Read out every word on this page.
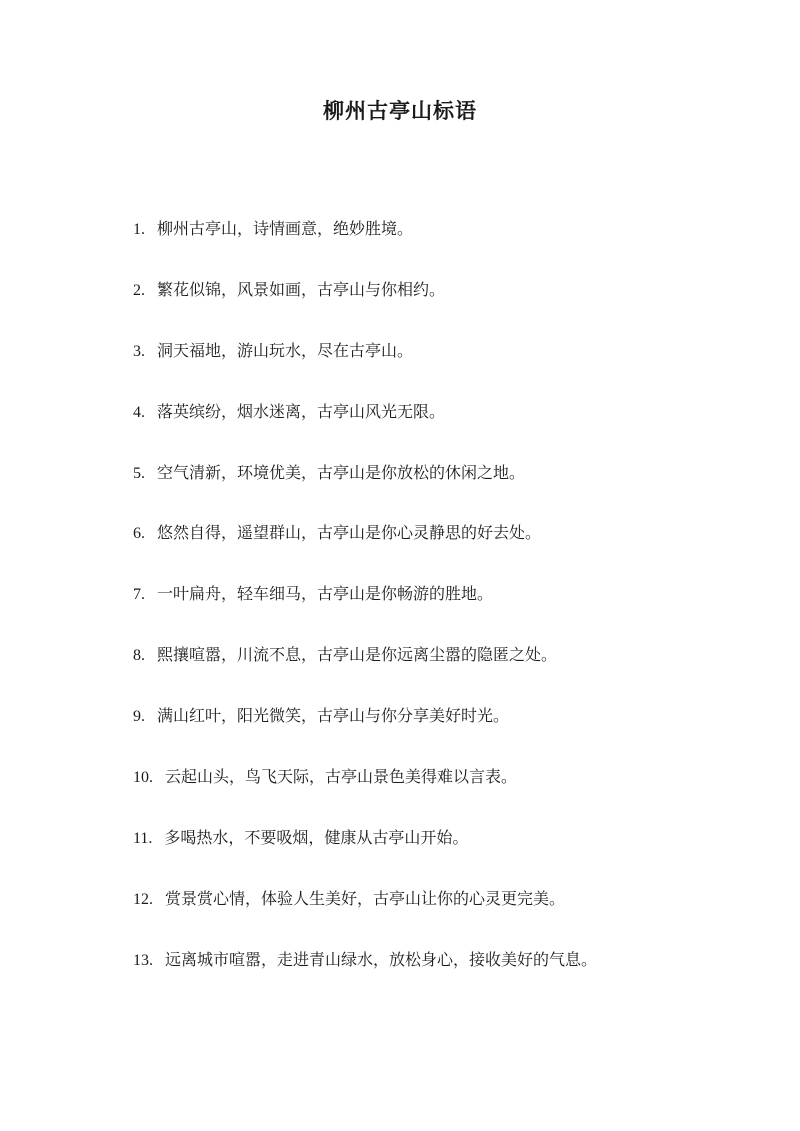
柳州古亭山标语
1. 柳州古亭山，诗情画意，绝妙胜境。
2. 繁花似锦，风景如画，古亭山与你相约。
3. 洞天福地，游山玩水，尽在古亭山。
4. 落英缤纷，烟水迷离，古亭山风光无限。
5. 空气清新，环境优美，古亭山是你放松的休闲之地。
6. 悠然自得，遥望群山，古亭山是你心灵静思的好去处。
7. 一叶扁舟，轻车细马，古亭山是你畅游的胜地。
8. 熙攘喧嚣，川流不息，古亭山是你远离尘嚣的隐匿之处。
9. 满山红叶，阳光微笑，古亭山与你分享美好时光。
10. 云起山头，鸟飞天际，古亭山景色美得难以言表。
11. 多喝热水，不要吸烟，健康从古亭山开始。
12. 赏景赏心情，体验人生美好，古亭山让你的心灵更完美。
13. 远离城市喧嚣，走进青山绿水，放松身心，接收美好的气息。
